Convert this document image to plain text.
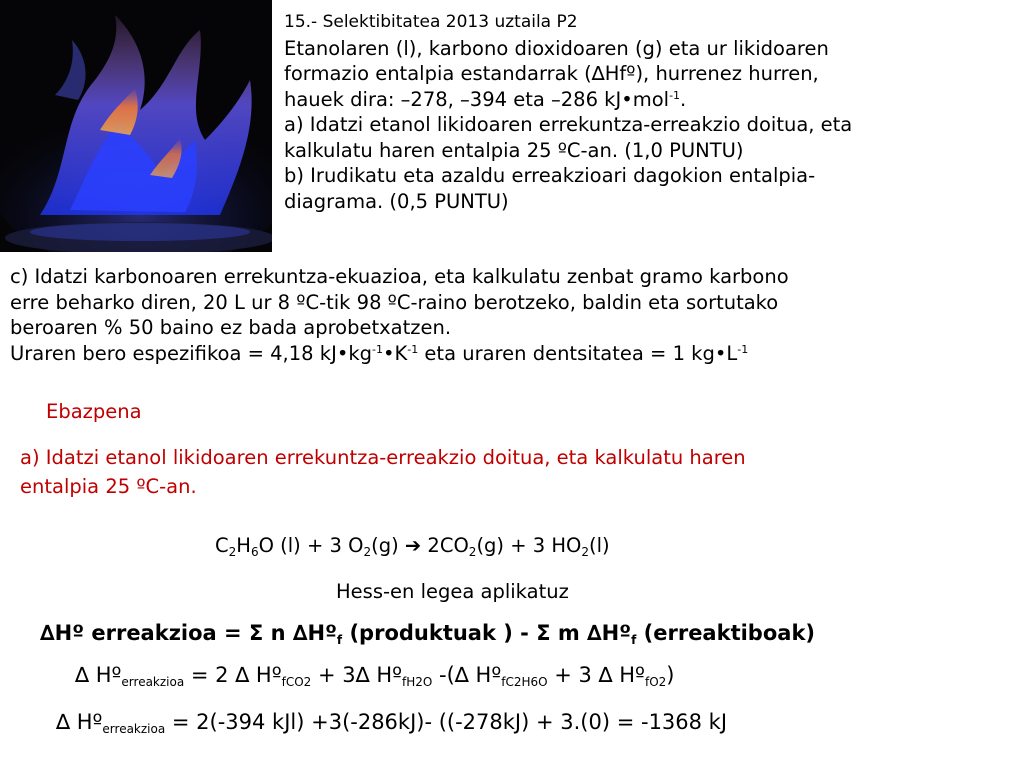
15.- Selektibitatea 2013 uztaila P2
Etanolaren (l), karbono dioxidoaren (g) eta ur likidoaren
formazio entalpia estandarrak (∆Hfº), hurrenez hurren,
hauek dira: –278, –394 eta –286 kJ•mol$^{-1}$.
a) Idatzi etanol likidoaren errekuntza-erreakzio doitua, eta
kalkulatu haren entalpia 25 ºC-an. (1,0 PUNTU)
b) Irudikatu eta azaldu erreakzioari dagokion entalpia-
diagrama. (0,5 PUNTU)
c) Idatzi karbonoaren errekuntza-ekuazioa, eta kalkulatu zenbat gramo karbono
erre beharko diren, 20 L ur 8 ºC-tik 98 ºC-raino berotzeko, baldin eta sortutako
beroaren % 50 baino ez bada aprobetxatzen.
Uraren bero espezifikoa = 4,18 $kJ•kg^{-1}•K^{-1}$ eta uraren dentsitatea = 1 $kg•L^{-1}$
Ebazpena
a) Idatzi etanol likidoaren errekuntza-erreakzio doitua, eta kalkulatu haren
entalpia 25 ºC-an.
$C_2H_6O$ (l) + 3 $O_2(g)$ ➔ $2CO_2(g) + 3$ $HO_2(l)$
Hess-en legea aplikatuz
∆Hº erreakzioa = Σ n ∆Hº$_f$ (produktuak ) - Σ m ∆Hº$_f$ (erreaktiboak)
∆ Hº$_{erreakzioa}$ = 2 ∆ Hº$_{fCO2}$ + 3∆ Hº$_{fH2O}$ -(∆ Hº$_{fC2H6O}$ + 3 ∆ Hº$_{fO2}$)
∆ Hº$_{erreakzioa}$ = 2(-394 kJl) +3(-286kJ)- ((-278kJ) + 3.(0) = -1368 kJ
